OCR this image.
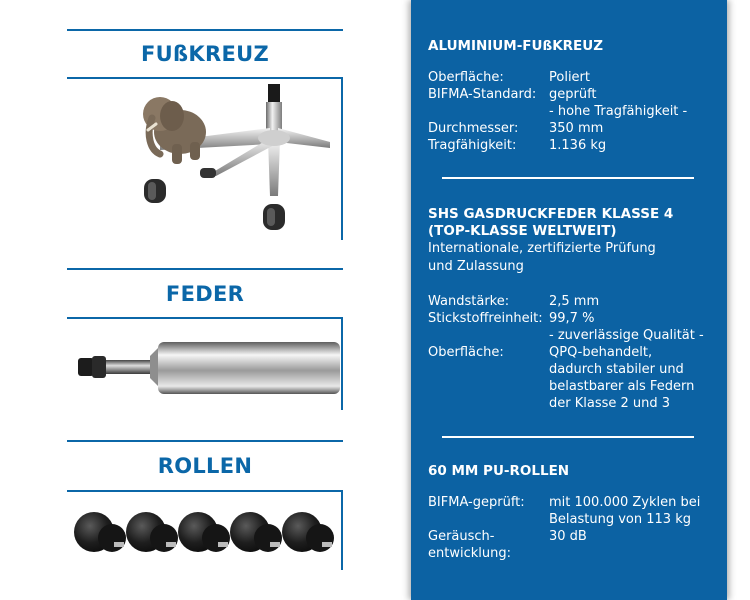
FUßKREUZ
FEDER
ROLLEN
ALUMINIUM-FUßKREUZ
Oberfläche:	Poliert
BIFMA-Standard: geprüft
- hohe Tragfähigkeit -
Durchmesser:	350 mm
Tragfähigkeit:	1.136 kg
SHS GASDRUCKFEDER KLASSE 4
(TOP-KLASSE WELTWEIT)
Internationale, zertifizierte Prüfung
und Zulassung
Wandstärke:	2,5 mm
Stickstoffreinheit: 99,7 %
- zuverlässige Qualität -
Oberfläche:	QPQ-behandelt,
dadurch stabiler und
belastbarer als Federn
der Klasse 2 und 3
60 MM PU-ROLLEN
BIFMA-geprüft:	mit 100.000 Zyklen bei
Belastung von 113 kg
Geräusch-	30 dB
entwicklung:
